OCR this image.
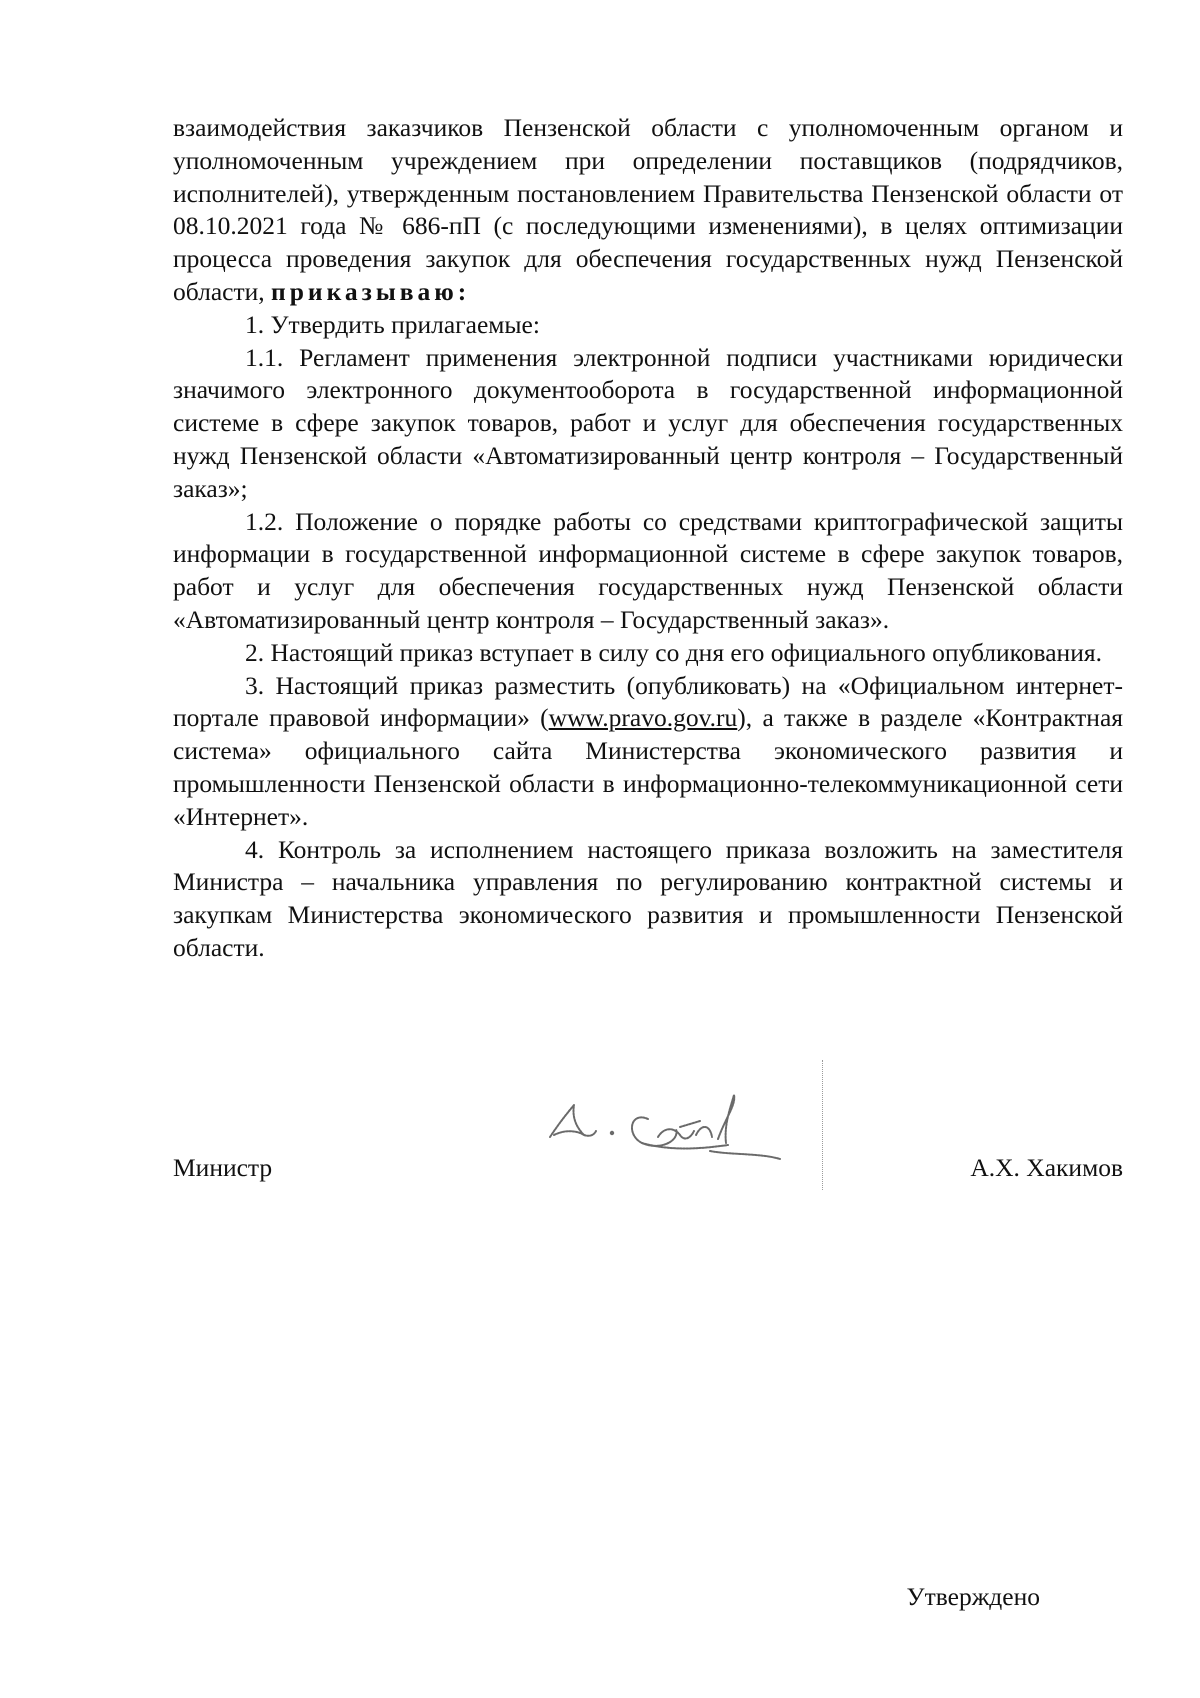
взаимодействия заказчиков Пензенской области с уполномоченным органом и уполномоченным учреждением при определении поставщиков (подрядчиков, исполнителей), утвержденным постановлением Правительства Пензенской области от 08.10.2021 года № 686-пП (с последующими изменениями), в целях оптимизации процесса проведения закупок для обеспечения государственных нужд Пензенской области, приказываю:

1. Утвердить прилагаемые:

1.1. Регламент применения электронной подписи участниками юридически значимого электронного документооборота в государственной информационной системе в сфере закупок товаров, работ и услуг для обеспечения государственных нужд Пензенской области «Автоматизированный центр контроля – Государственный заказ»;

1.2. Положение о порядке работы со средствами криптографической защиты информации в государственной информационной системе в сфере закупок товаров, работ и услуг для обеспечения государственных нужд Пензенской области «Автоматизированный центр контроля – Государственный заказ».

2. Настоящий приказ вступает в силу со дня его официального опубликования.

3. Настоящий приказ разместить (опубликовать) на «Официальном интернет-портале правовой информации» (www.pravo.gov.ru), а также в разделе «Контрактная система» официального сайта Министерства экономического развития и промышленности Пензенской области в информационно-телекоммуникационной сети «Интернет».

4. Контроль за исполнением настоящего приказа возложить на заместителя Министра – начальника управления по регулированию контрактной системы и закупкам Министерства экономического развития и промышленности Пензенской области.

Министр	А.Х. Хакимов
Утверждено
